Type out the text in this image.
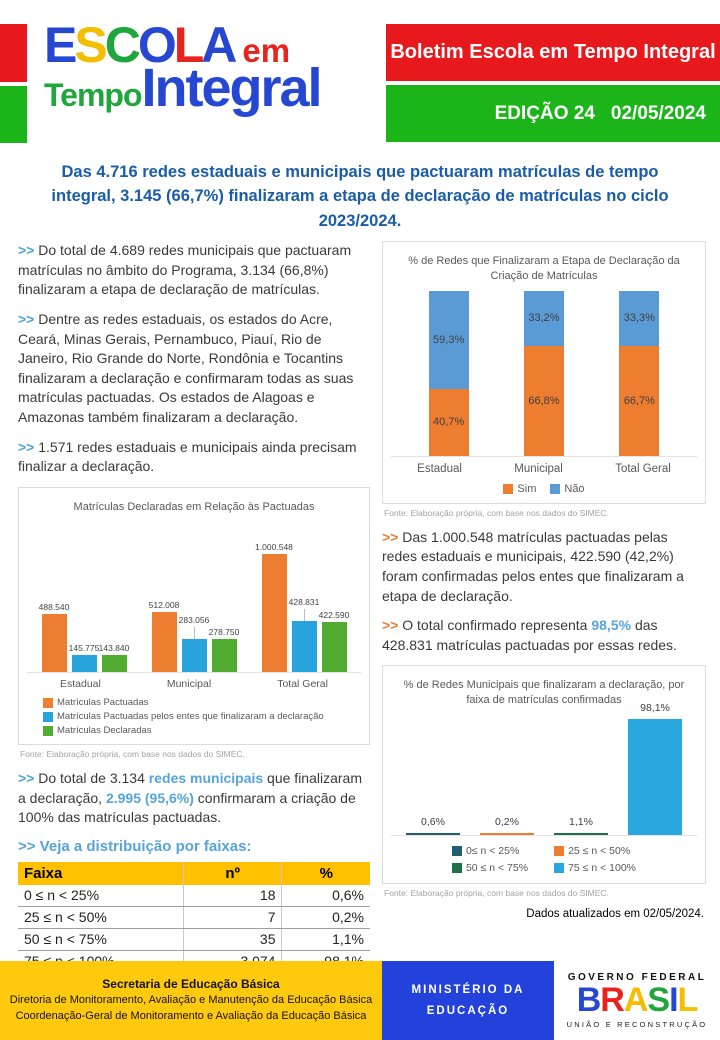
ESCOLA em
Tempo Integral
Boletim Escola em Tempo Integral
EDIÇÃO 24 02/05/2024
Das 4.716 redes estaduais e municipais que pactuaram matrículas de tempo integral, 3.145 (66,7%) finalizaram a etapa de declaração de matrículas no ciclo 2023/2024.

>> Do total de 4.689 redes municipais que pactuaram matrículas no âmbito do Programa, 3.134 (66,8%) finalizaram a etapa de declaração de matrículas.

>> Dentre as redes estaduais, os estados do Acre, Ceará, Minas Gerais, Pernambuco, Piauí, Rio de Janeiro, Rio Grande do Norte, Rondônia e Tocantins finalizaram a declaração e confirmaram todas as suas matrículas pactuadas. Os estados de Alagoas e Amazonas também finalizaram a declaração.

>> 1.571 redes estaduais e municipais ainda precisam finalizar a declaração.

Matrículas Declaradas em Relação às Pactuadas
488.540
145.775 143.840
512.008
283.056
278.750
1.000.548
428.831
422.590
Estadual	Municipal	Total Geral
Matrículas Pactuadas
Matrículas Pactuadas pelos entes que finalizaram a declaração
Matrículas Declaradas
Fonte: Elaboração própria, com base nos dados do SIMEC.

>> Do total de 3.134 redes municipais que finalizaram a declaração, 2.995 (95,6%) confirmaram a criação de 100% das matrículas pactuadas.

>> Veja a distribuição por faixas:
Faixa	nº	%
0 ≤ n < 25%	18	0,6%
25 ≤ n < 50%	7	0,2%
50 ≤ n < 75%	35	1,1%

% de Redes que Finalizaram a Etapa de Declaração da Criação de Matrículas
59,3%
40,7%
33,2%
66,8%
33,3%
66,7%
Estadual	Municipal	Total Geral
Sim	Não
Fonte: Elaboração própria, com base nos dados do SIMEC.

>> Das 1.000.548 matrículas pactuadas pelas redes estaduais e municipais, 422.590 (42,2%) foram confirmadas pelos entes que finalizaram a etapa de declaração.

>> O total confirmado representa 98,5% das 428.831 matrículas pactuadas por essas redes.

% de Redes Municipais que finalizaram a declaração, por faixa de matrículas confirmadas
0,6%	0,2%	1,1%
98,1%
0≤ n < 25%	25 ≤ n < 50%
50 ≤ n < 75%	75 ≤ n < 100%
Fonte: Elaboração própria, com base nos dados do SIMEC.
Dados atualizados em 02/05/2024.
Secretaria de Educação Básica
Diretoria de Monitoramento, Avaliação e Manutenção da Educação Básica
Coordenação-Geral de Monitoramento e Avaliação da Educação Básica
MINISTÉRIO DA
EDUCAÇÃO
GOVERNO FEDERAL
BRASIL
UNIÃO E RECONSTRUÇÃO
